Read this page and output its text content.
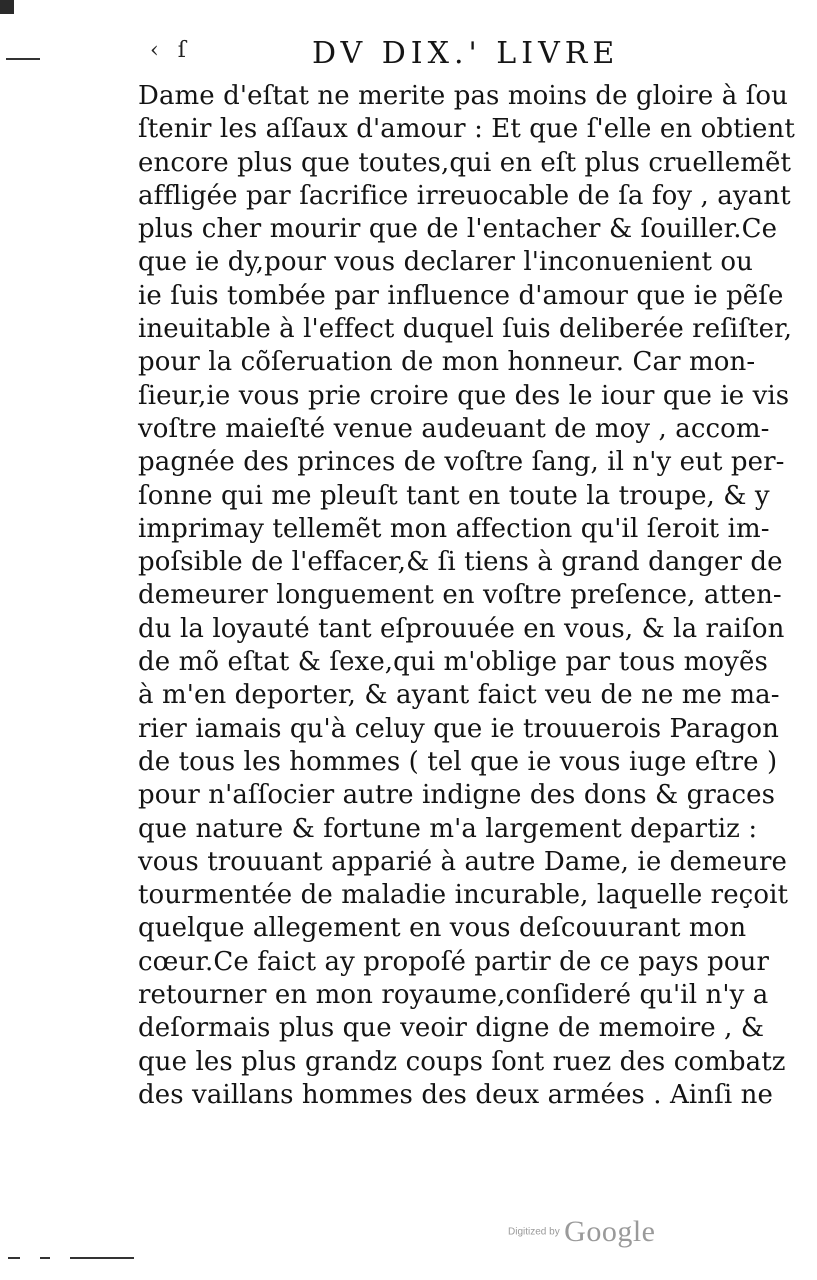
‹ ſ	DV DIX.' LIVRE
Dame d'eſtat ne merite pas moins de gloire à ſou
ſtenir les aſſaux d'amour : Et que ſ'elle en obtient
encore plus que toutes,qui en eſt plus cruellemẽt
affligée par ſacrifice irreuocable de ſa foy , ayant
plus cher mourir que de l'entacher & ſouiller.Ce
que ie dy,pour vous declarer l'inconuenient ou
ie ſuis tombée par influence d'amour que ie pẽſe
ineuitable à l'effect duquel ſuis deliberée reſiſter,
pour la cõſeruation de mon honneur. Car mon-
ſieur,ie vous prie croire que des le iour que ie vis
voſtre maieſté venue audeuant de moy , accom-
pagnée des princes de voſtre ſang, il n'y eut per-
ſonne qui me pleuſt tant en toute la troupe, & y
imprimay tellemẽt mon affection qu'il ſeroit im-
poſsible de l'effacer,& ſi tiens à grand danger de
demeurer longuement en voſtre preſence, atten-
du la loyauté tant eſprouuée en vous, & la raiſon
de mõ eſtat & ſexe,qui m'oblige par tous moyẽs
à m'en deporter, & ayant faict veu de ne me ma-
rier iamais qu'à celuy que ie trouuerois Paragon
de tous les hommes ( tel que ie vous iuge eſtre )
pour n'aſſocier autre indigne des dons & graces
que nature & fortune m'a largement departiz :
vous trouuant apparié à autre Dame, ie demeure
tourmentée de maladie incurable, laquelle reçoit
quelque allegement en vous deſcouurant mon
cœur.Ce faict ay propoſé partir de ce pays pour
retourner en mon royaume,conſideré qu'il n'y a
deſormais plus que veoir digne de memoire , &
que les plus grandz coups ſont ruez des combatz
des vaillans hommes des deux armées . Ainſi ne
Digitized by Google
